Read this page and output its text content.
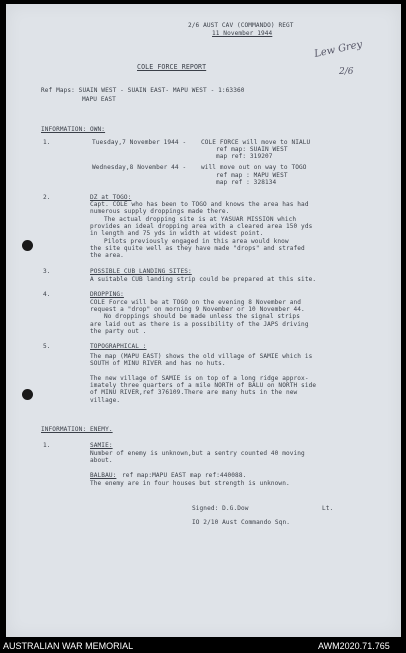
2/6 AUST CAV (COMMANDO) REGT
11 November 1944
Lew Grey
2/6
COLE FORCE REPORT
Ref Maps: SUAIN WEST - SUAIN EAST- MAPU WEST - 1:63360
MAPU EAST
INFORMATION: OWN:
1.	Tuesday,7 November 1944 - COLE FORCE will move to NIALU
ref map: SUAIN WEST
map ref: 319207
Wednesday,8 November 44 - will move out on way to TOGO
ref map : MAPU WEST
map ref : 328134
2.	DZ at TOGO:
Capt. COLE who has been to TOGO and knows the area has had
numerous supply droppings made there.
The actual dropping site is at YASUAR MISSION which
provides an ideal dropping area with a cleared area 150 yds
in length and 75 yds in width at widest point.
Pilots previously engaged in this area would know
the site quite well as they have made "drops" and strafed
the area.
3.	POSSIBLE CUB LANDING SITES:
A suitable CUB landing strip could be prepared at this site.
4.	DROPPING:
COLE Force will be at TOGO on the evening 8 November and
request a "drop" on morning 9 November or 10 November 44.
No droppings should be made unless the signal strips
are laid out as there is a possibility of the JAPS driving
the party out .
5.	TOPOGRAPHICAL :
The map (MAPU EAST) shows the old village of SAMIE which is
SOUTH of MINU RIVER and has no huts.
The new village of SAMIE is on top of a long ridge approx-
imately three quarters of a mile NORTH of BALU on NORTH side
of MINU RIVER,ref 376109.There are many huts in the new
village.
INFORMATION: ENEMY.
1.	SAMIE:
Number of enemy is unknown,but a sentry counted 40 moving
about.
BALBAU: ref map:MAPU EAST map ref:440088.
The enemy are in four houses but strength is unknown.
Signed: D.G.Dow	Lt.
IO 2/10 Aust Commando Sqn.
AUSTRALIAN WAR MEMORIAL	AWM2020.71.765
